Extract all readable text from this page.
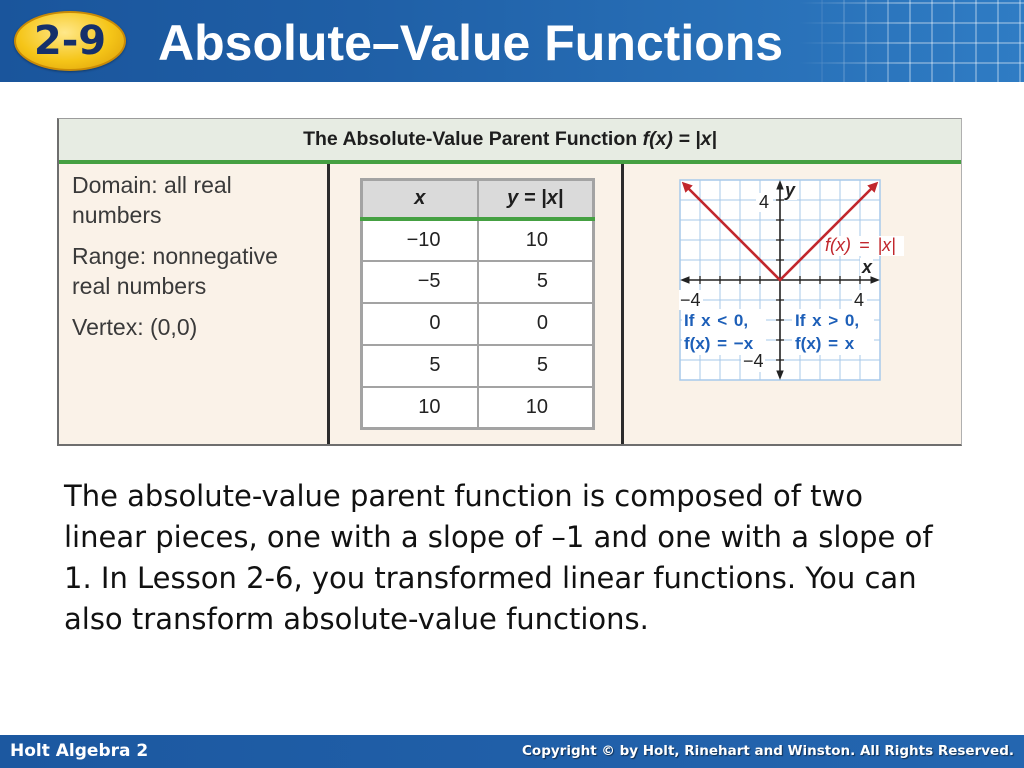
2-9 Absolute–Value Functions
The Absolute-Value Parent Function f(x) = |x|

Domain: all real numbers

Range: nonnegative real numbers

Vertex: (0,0)

x	y = |x|
−10	10
−5	5
0	0
5	5
10	10
4
y
f(x) = |x|
x
−4	4
If x < 0,
f(x) = −x
If x > 0,
f(x) = x
−4

The absolute-value parent function is composed of two linear pieces, one with a slope of –1 and one with a slope of 1. In Lesson 2-6, you transformed linear functions. You can also transform absolute-value functions.

Holt Algebra 2	Copyright © by Holt, Rinehart and Winston. All Rights Reserved.
